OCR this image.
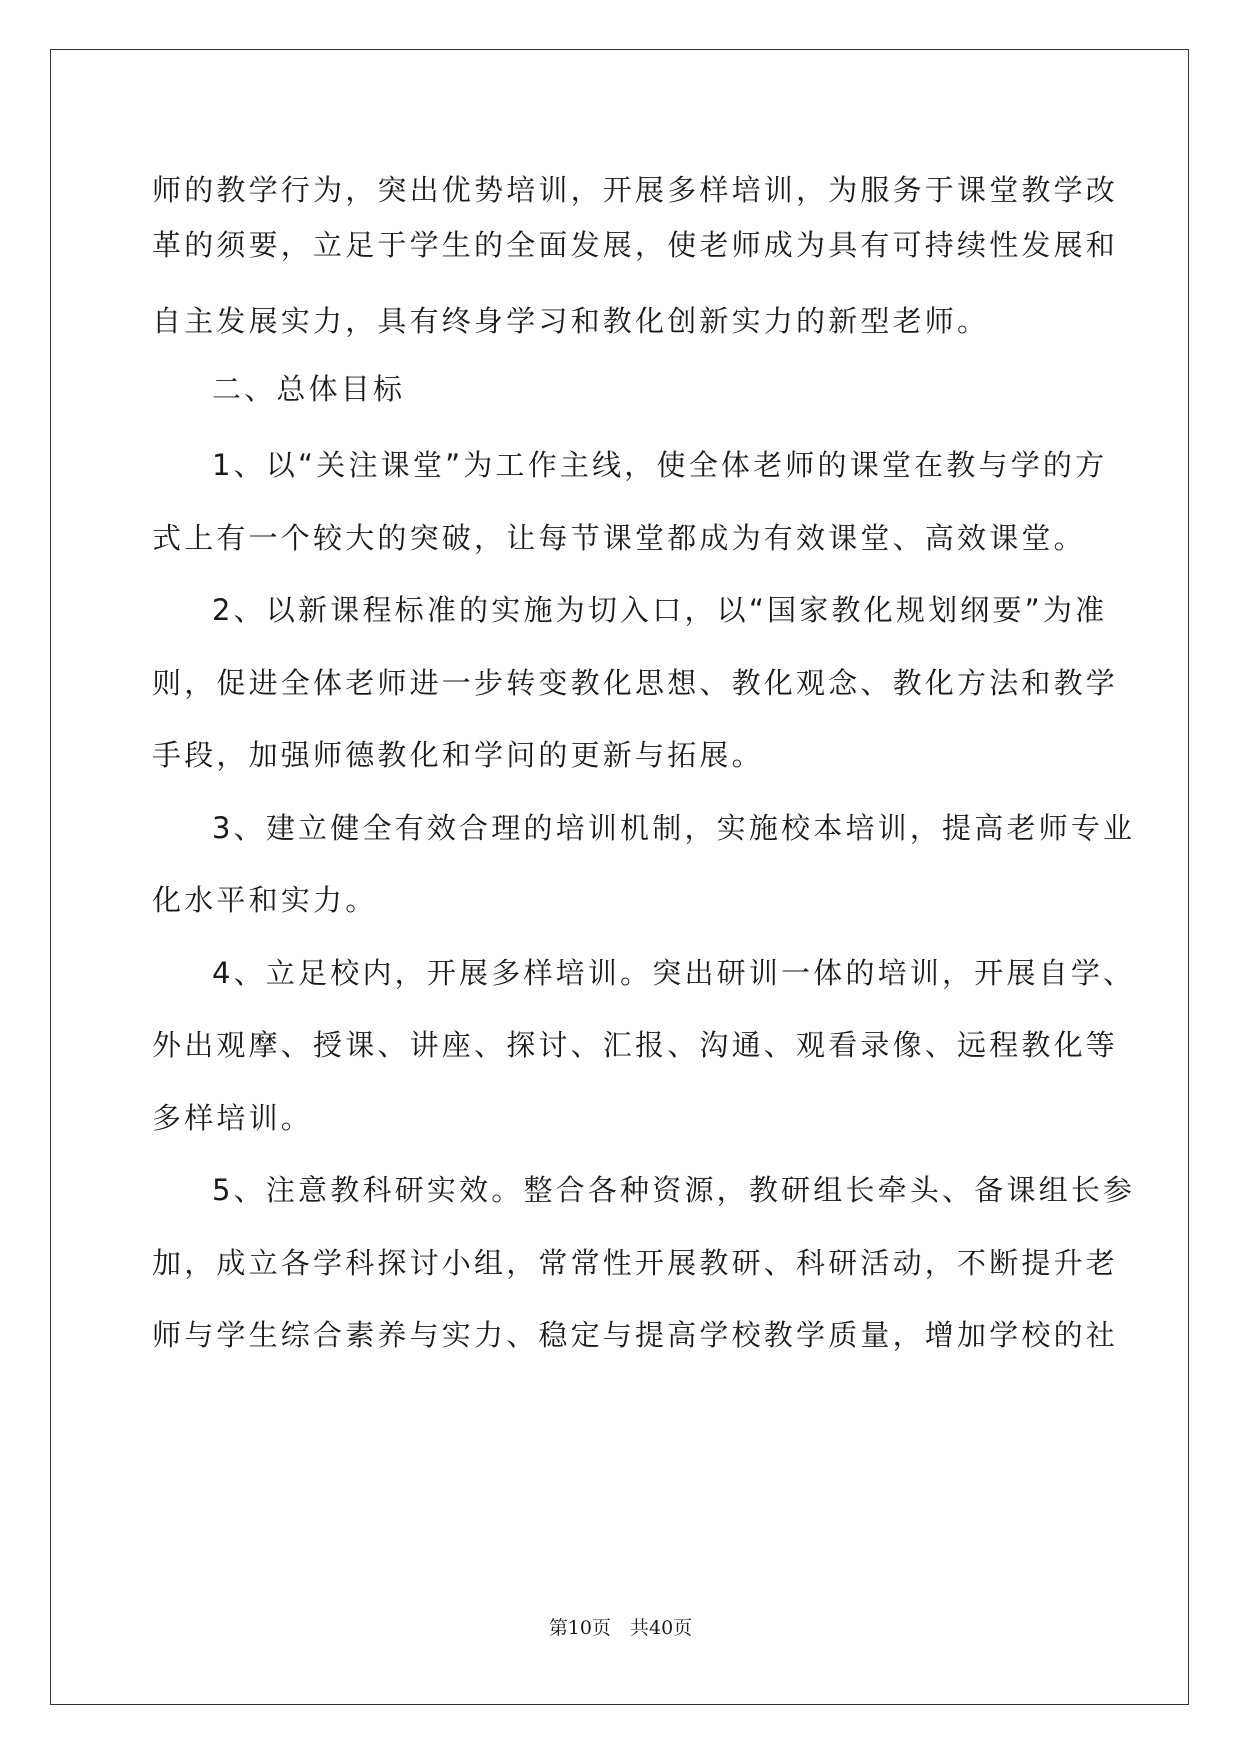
师的教学行为，突出优势培训，开展多样培训，为服务于课堂教学改
革的须要，立足于学生的全面发展，使老师成为具有可持续性发展和
自主发展实力，具有终身学习和教化创新实力的新型老师。
二、总体目标
1、以“关注课堂”为工作主线，使全体老师的课堂在教与学的方
式上有一个较大的突破，让每节课堂都成为有效课堂、高效课堂。
2、以新课程标准的实施为切入口，以“国家教化规划纲要”为准
则，促进全体老师进一步转变教化思想、教化观念、教化方法和教学
手段，加强师德教化和学问的更新与拓展。
3、建立健全有效合理的培训机制，实施校本培训，提高老师专业
化水平和实力。
4、立足校内，开展多样培训。突出研训一体的培训，开展自学、
外出观摩、授课、讲座、探讨、汇报、沟通、观看录像、远程教化等
多样培训。
5、注意教科研实效。整合各种资源，教研组长牵头、备课组长参
加，成立各学科探讨小组，常常性开展教研、科研活动，不断提升老
师与学生综合素养与实力、稳定与提高学校教学质量，增加学校的社
第10页　共40页
